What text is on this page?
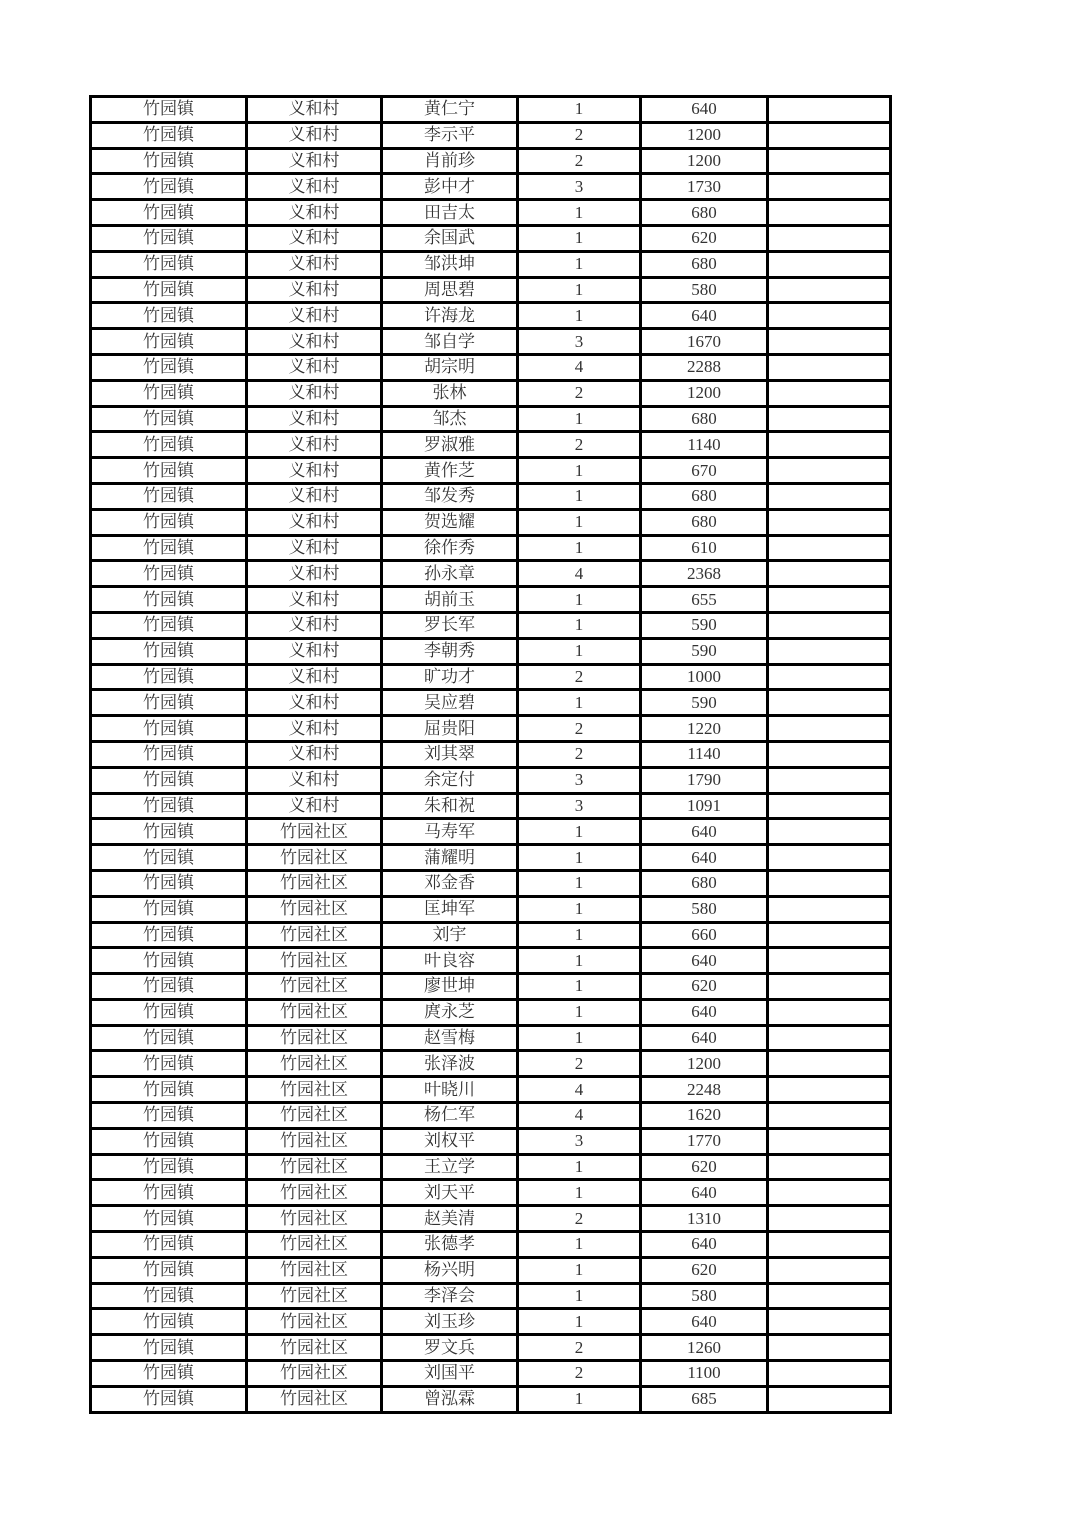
竹园镇	义和村	黄仁宁	1	640	
竹园镇	义和村	李示平	2	1200	
竹园镇	义和村	肖前珍	2	1200	
竹园镇	义和村	彭中才	3	1730	
竹园镇	义和村	田吉太	1	680	
竹园镇	义和村	余国武	1	620	
竹园镇	义和村	邹洪坤	1	680	
竹园镇	义和村	周思碧	1	580	
竹园镇	义和村	许海龙	1	640	
竹园镇	义和村	邹自学	3	1670	
竹园镇	义和村	胡宗明	4	2288	
竹园镇	义和村	张林	2	1200	
竹园镇	义和村	邹杰	1	680	
竹园镇	义和村	罗淑雅	2	1140	
竹园镇	义和村	黄作芝	1	670	
竹园镇	义和村	邹发秀	1	680	
竹园镇	义和村	贺选耀	1	680	
竹园镇	义和村	徐作秀	1	610	
竹园镇	义和村	孙永章	4	2368	
竹园镇	义和村	胡前玉	1	655	
竹园镇	义和村	罗长军	1	590	
竹园镇	义和村	李朝秀	1	590	
竹园镇	义和村	旷功才	2	1000	
竹园镇	义和村	吴应碧	1	590	
竹园镇	义和村	屈贵阳	2	1220	
竹园镇	义和村	刘其翠	2	1140	
竹园镇	义和村	余定付	3	1790	
竹园镇	义和村	朱和祝	3	1091	
竹园镇	竹园社区	马寿军	1	640	
竹园镇	竹园社区	蒲耀明	1	640	
竹园镇	竹园社区	邓金香	1	680	
竹园镇	竹园社区	匡坤军	1	580	
竹园镇	竹园社区	刘宇	1	660	
竹园镇	竹园社区	叶良容	1	640	
竹园镇	竹园社区	廖世坤	1	620	
竹园镇	竹园社区	庹永芝	1	640	
竹园镇	竹园社区	赵雪梅	1	640	
竹园镇	竹园社区	张泽波	2	1200	
竹园镇	竹园社区	叶晓川	4	2248	
竹园镇	竹园社区	杨仁军	4	1620	
竹园镇	竹园社区	刘权平	3	1770	
竹园镇	竹园社区	王立学	1	620	
竹园镇	竹园社区	刘天平	1	640	
竹园镇	竹园社区	赵美清	2	1310	
竹园镇	竹园社区	张德孝	1	640	
竹园镇	竹园社区	杨兴明	1	620	
竹园镇	竹园社区	李泽会	1	580	
竹园镇	竹园社区	刘玉珍	1	640	
竹园镇	竹园社区	罗文兵	2	1260	
竹园镇	竹园社区	刘国平	2	1100	
竹园镇	竹园社区	曾泓霖	1	685	
